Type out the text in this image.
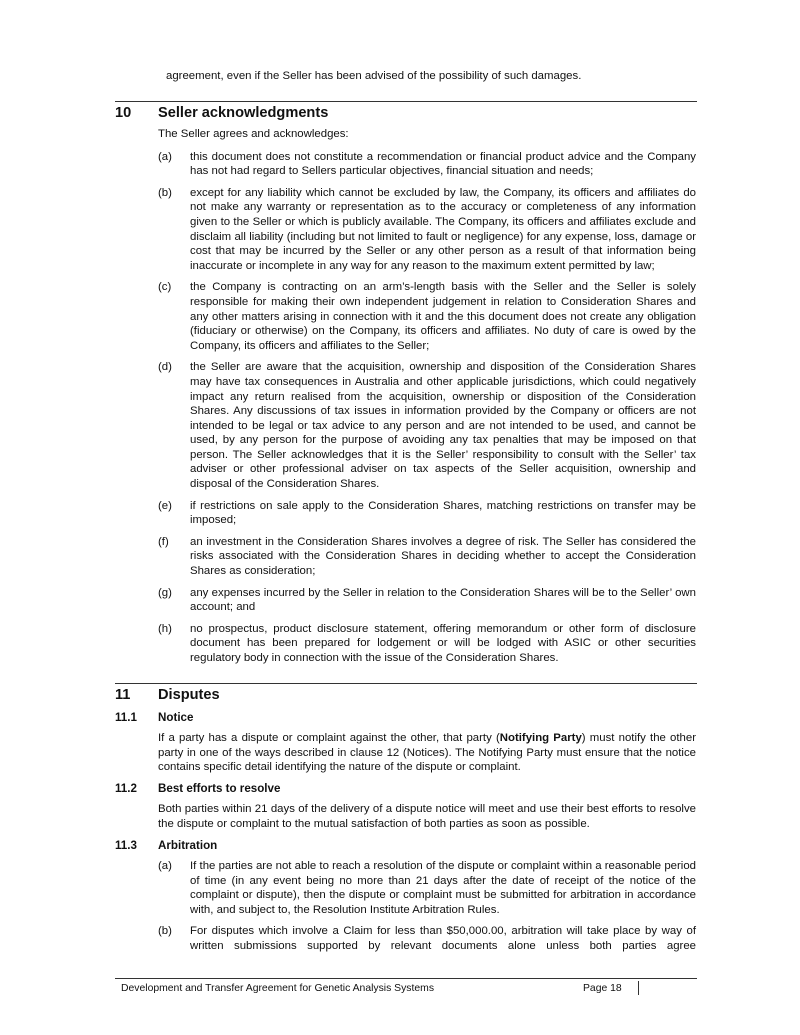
agreement, even if the Seller has been advised of the possibility of such damages.
10 Seller acknowledgments
The Seller agrees and acknowledges:
(a) this document does not constitute a recommendation or financial product advice and the Company has not had regard to Sellers particular objectives, financial situation and needs;
(b) except for any liability which cannot be excluded by law, the Company, its officers and affiliates do not make any warranty or representation as to the accuracy or completeness of any information given to the Seller or which is publicly available. The Company, its officers and affiliates exclude and disclaim all liability (including but not limited to fault or negligence) for any expense, loss, damage or cost that may be incurred by the Seller or any other person as a result of that information being inaccurate or incomplete in any way for any reason to the maximum extent permitted by law;
(c) the Company is contracting on an arm’s-length basis with the Seller and the Seller is solely responsible for making their own independent judgement in relation to Consideration Shares and any other matters arising in connection with it and the this document does not create any obligation (fiduciary or otherwise) on the Company, its officers and affiliates. No duty of care is owed by the Company, its officers and affiliates to the Seller;
(d) the Seller are aware that the acquisition, ownership and disposition of the Consideration Shares may have tax consequences in Australia and other applicable jurisdictions, which could negatively impact any return realised from the acquisition, ownership or disposition of the Consideration Shares. Any discussions of tax issues in information provided by the Company or officers are not intended to be legal or tax advice to any person and are not intended to be used, and cannot be used, by any person for the purpose of avoiding any tax penalties that may be imposed on that person. The Seller acknowledges that it is the Seller’ responsibility to consult with the Seller’ tax adviser or other professional adviser on tax aspects of the Seller acquisition, ownership and disposal of the Consideration Shares.
(e) if restrictions on sale apply to the Consideration Shares, matching restrictions on transfer may be imposed;
(f) an investment in the Consideration Shares involves a degree of risk. The Seller has considered the risks associated with the Consideration Shares in deciding whether to accept the Consideration Shares as consideration;
(g) any expenses incurred by the Seller in relation to the Consideration Shares will be to the Seller’ own account; and
(h) no prospectus, product disclosure statement, offering memorandum or other form of disclosure document has been prepared for lodgement or will be lodged with ASIC or other securities regulatory body in connection with the issue of the Consideration Shares.
11 Disputes
11.1 Notice
If a party has a dispute or complaint against the other, that party (Notifying Party) must notify the other party in one of the ways described in clause 12 (Notices). The Notifying Party must ensure that the notice contains specific detail identifying the nature of the dispute or complaint.
11.2 Best efforts to resolve
Both parties within 21 days of the delivery of a dispute notice will meet and use their best efforts to resolve the dispute or complaint to the mutual satisfaction of both parties as soon as possible.
11.3 Arbitration
(a) If the parties are not able to reach a resolution of the dispute or complaint within a reasonable period of time (in any event being no more than 21 days after the date of receipt of the notice of the complaint or dispute), then the dispute or complaint must be submitted for arbitration in accordance with, and subject to, the Resolution Institute Arbitration Rules.
(b) For disputes which involve a Claim for less than $50,000.00, arbitration will take place by way of written submissions supported by relevant documents alone unless both parties agree
Development and Transfer Agreement for Genetic Analysis Systems	Page 18
